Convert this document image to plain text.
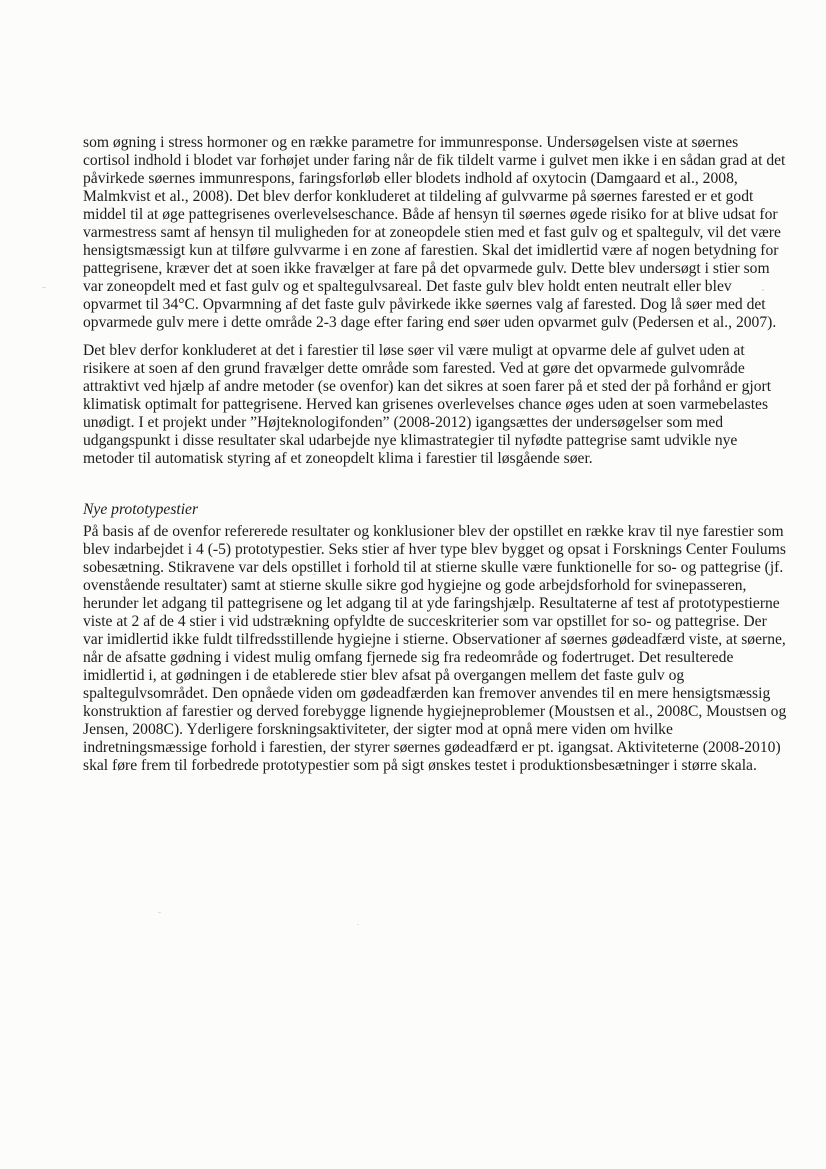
som øgning i stress hormoner og en række parametre for immunresponse. Undersøgelsen viste at søernes cortisol indhold i blodet var forhøjet under faring når de fik tildelt varme i gulvet men ikke i en sådan grad at det påvirkede søernes immunrespons, faringsforløb eller blodets indhold af oxytocin (Damgaard et al., 2008, Malmkvist et al., 2008). Det blev derfor konkluderet at tildeling af gulvvarme på søernes farested er et godt middel til at øge pattegrisenes overlevelseschance. Både af hensyn til søernes øgede risiko for at blive udsat for varmestress samt af hensyn til muligheden for at zoneopdele stien med et fast gulv og et spaltegulv, vil det være hensigtsmæssigt kun at tilføre gulvvarme i en zone af farestien. Skal det imidlertid være af nogen betydning for pattegrisene, kræver det at soen ikke fravælger at fare på det opvarmede gulv. Dette blev undersøgt i stier som var zoneopdelt med et fast gulv og et spaltegulvsareal. Det faste gulv blev holdt enten neutralt eller blev opvarmet til 34°C. Opvarmning af det faste gulv påvirkede ikke søernes valg af farested. Dog lå søer med det opvarmede gulv mere i dette område 2-3 dage efter faring end søer uden opvarmet gulv (Pedersen et al., 2007).

Det blev derfor konkluderet at det i farestier til løse søer vil være muligt at opvarme dele af gulvet uden at risikere at soen af den grund fravælger dette område som farested. Ved at gøre det opvarmede gulvområde attraktivt ved hjælp af andre metoder (se ovenfor) kan det sikres at soen farer på et sted der på forhånd er gjort klimatisk optimalt for pattegrisene. Herved kan grisenes overlevelses chance øges uden at soen varmebelastes unødigt. I et projekt under ”Højteknologifonden” (2008-2012) igangsættes der undersøgelser som med udgangspunkt i disse resultater skal udarbejde nye klimastrategier til nyfødte pattegrise samt udvikle nye metoder til automatisk styring af et zoneopdelt klima i farestier til løsgående søer.

Nye prototypestier

På basis af de ovenfor refererede resultater og konklusioner blev der opstillet en række krav til nye farestier som blev indarbejdet i 4 (-5) prototypestier. Seks stier af hver type blev bygget og opsat i Forsknings Center Foulums sobesætning. Stikravene var dels opstillet i forhold til at stierne skulle være funktionelle for so- og pattegrise (jf. ovenstående resultater) samt at stierne skulle sikre god hygiejne og gode arbejdsforhold for svinepasseren, herunder let adgang til pattegrisene og let adgang til at yde faringshjælp. Resultaterne af test af prototypestierne viste at 2 af de 4 stier i vid udstrækning opfyldte de succeskriterier som var opstillet for so- og pattegrise. Der var imidlertid ikke fuldt tilfredsstillende hygiejne i stierne. Observationer af søernes gødeadfærd viste, at søerne, når de afsatte gødning i videst mulig omfang fjernede sig fra redeområde og fodertruget. Det resulterede imidlertid i, at gødningen i de etablerede stier blev afsat på overgangen mellem det faste gulv og spaltegulvsområdet. Den opnåede viden om gødeadfærden kan fremover anvendes til en mere hensigtsmæssig konstruktion af farestier og derved forebygge lignende hygiejneproblemer (Moustsen et al., 2008C, Moustsen og Jensen, 2008C). Yderligere forskningsaktiviteter, der sigter mod at opnå mere viden om hvilke indretningsmæssige forhold i farestien, der styrer søernes gødeadfærd er pt. igangsat. Aktiviteterne (2008-2010) skal føre frem til forbedrede prototypestier som på sigt ønskes testet i produktionsbesætninger i større skala.
